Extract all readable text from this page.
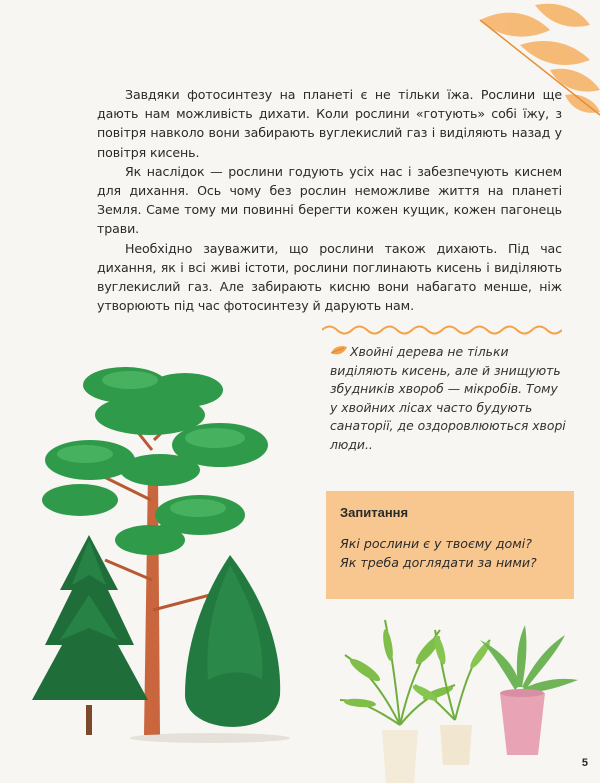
Завдяки фотосинтезу на планеті є не тільки їжа. Рослини ще дають нам можливість дихати. Коли рослини «готують» собі їжу, з повітря навколо вони забирають вуглекислий газ і виділяють назад у повітря кисень.

Як наслідок — рослини годують усіх нас і забезпечують киснем для дихання. Ось чому без рослин неможливе життя на планеті Земля. Саме тому ми повинні берегти кожен кущик, кожен пагонець трави.

Необхідно зауважити, що рослини також дихають. Під час дихання, як і всі живі істоти, рослини поглинають кисень і виділяють вуглекислий газ. Але забирають кисню вони набагато менше, ніж утворюють під час фотосинтезу й дарують нам.

Хвойні дерева не тільки виділяють кисень, але й знищують збудників хвороб — мікробів. Тому у хвойних лісах часто будують санаторії, де оздоровлюються хворі люди..
Запитання
Які рослини є у твоєму домі?
Як треба доглядати за ними?
5
